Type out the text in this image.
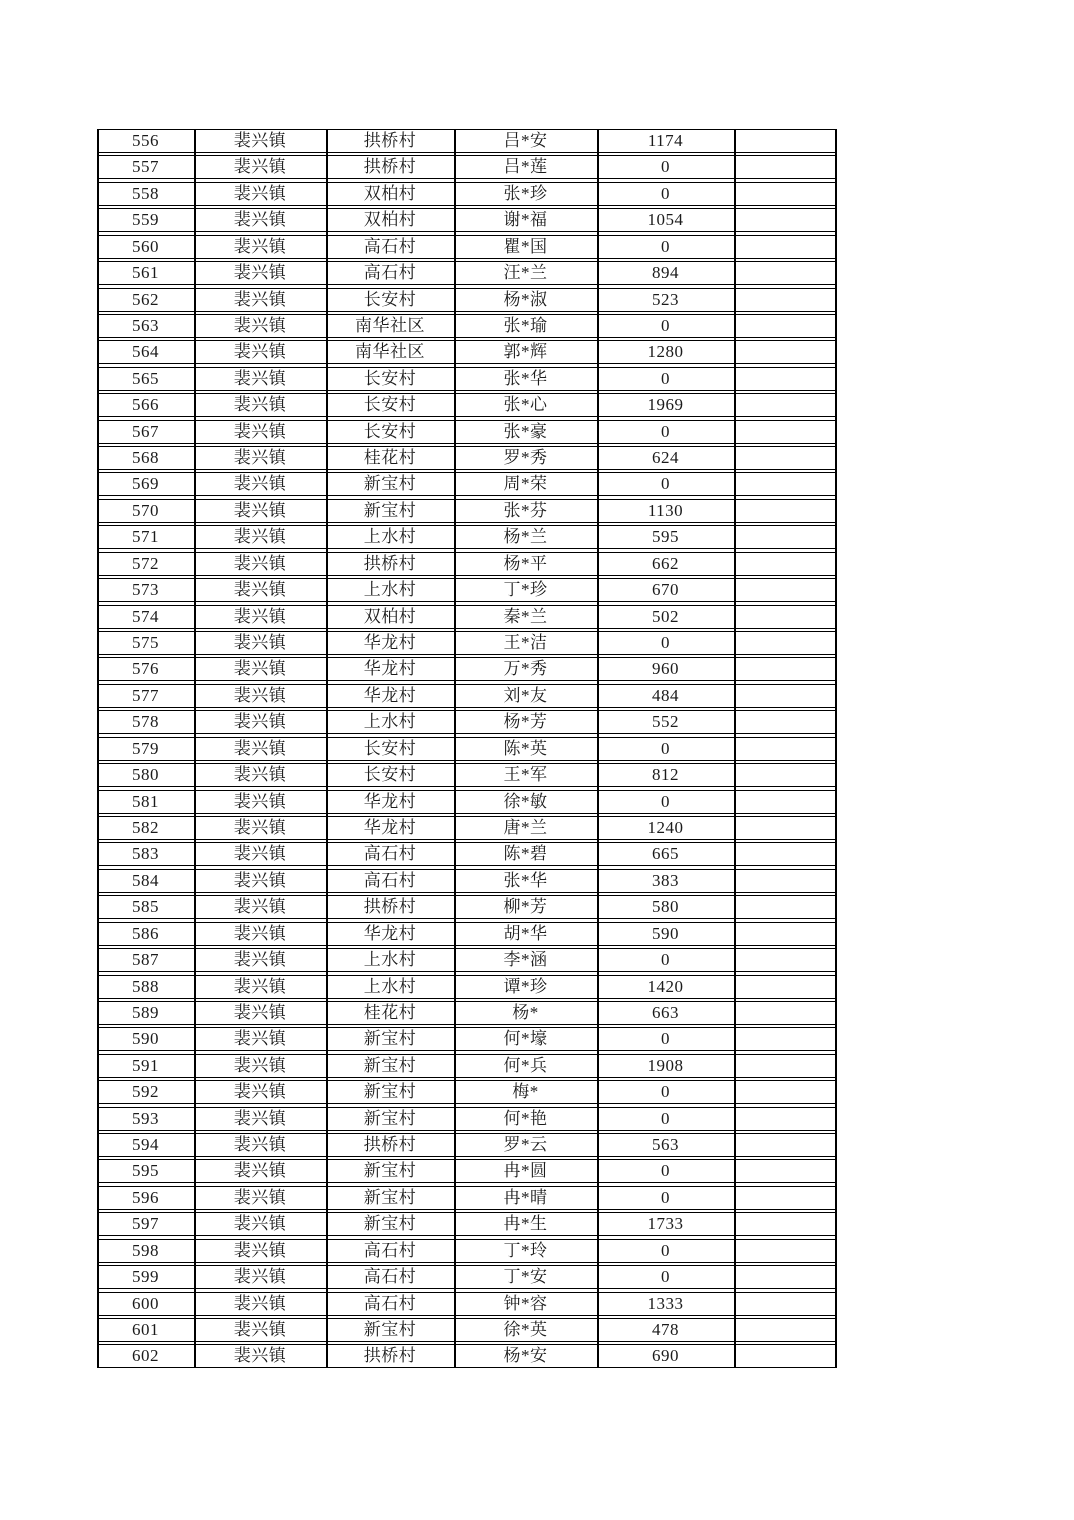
556	裴兴镇	拱桥村	吕*安	1174
557	裴兴镇	拱桥村	吕*莲	0
558	裴兴镇	双柏村	张*珍	0
559	裴兴镇	双柏村	谢*福	1054
560	裴兴镇	高石村	瞿*国	0
561	裴兴镇	高石村	汪*兰	894
562	裴兴镇	长安村	杨*淑	523
563	裴兴镇	南华社区	张*瑜	0
564	裴兴镇	南华社区	郭*辉	1280
565	裴兴镇	长安村	张*华	0
566	裴兴镇	长安村	张*心	1969
567	裴兴镇	长安村	张*豪	0
568	裴兴镇	桂花村	罗*秀	624
569	裴兴镇	新宝村	周*荣	0
570	裴兴镇	新宝村	张*芬	1130
571	裴兴镇	上水村	杨*兰	595
572	裴兴镇	拱桥村	杨*平	662
573	裴兴镇	上水村	丁*珍	670
574	裴兴镇	双柏村	秦*兰	502
575	裴兴镇	华龙村	王*洁	0
576	裴兴镇	华龙村	万*秀	960
577	裴兴镇	华龙村	刘*友	484
578	裴兴镇	上水村	杨*芳	552
579	裴兴镇	长安村	陈*英	0
580	裴兴镇	长安村	王*军	812
581	裴兴镇	华龙村	徐*敏	0
582	裴兴镇	华龙村	唐*兰	1240
583	裴兴镇	高石村	陈*碧	665
584	裴兴镇	高石村	张*华	383
585	裴兴镇	拱桥村	柳*芳	580
586	裴兴镇	华龙村	胡*华	590
587	裴兴镇	上水村	李*涵	0
588	裴兴镇	上水村	谭*珍	1420
589	裴兴镇	桂花村	杨*	663
590	裴兴镇	新宝村	何*壕	0
591	裴兴镇	新宝村	何*兵	1908
592	裴兴镇	新宝村	梅*	0
593	裴兴镇	新宝村	何*艳	0
594	裴兴镇	拱桥村	罗*云	563
595	裴兴镇	新宝村	冉*圆	0
596	裴兴镇	新宝村	冉*晴	0
597	裴兴镇	新宝村	冉*生	1733
598	裴兴镇	高石村	丁*玲	0
599	裴兴镇	高石村	丁*安	0
600	裴兴镇	高石村	钟*容	1333
601	裴兴镇	新宝村	徐*英	478
602	裴兴镇	拱桥村	杨*安	690
